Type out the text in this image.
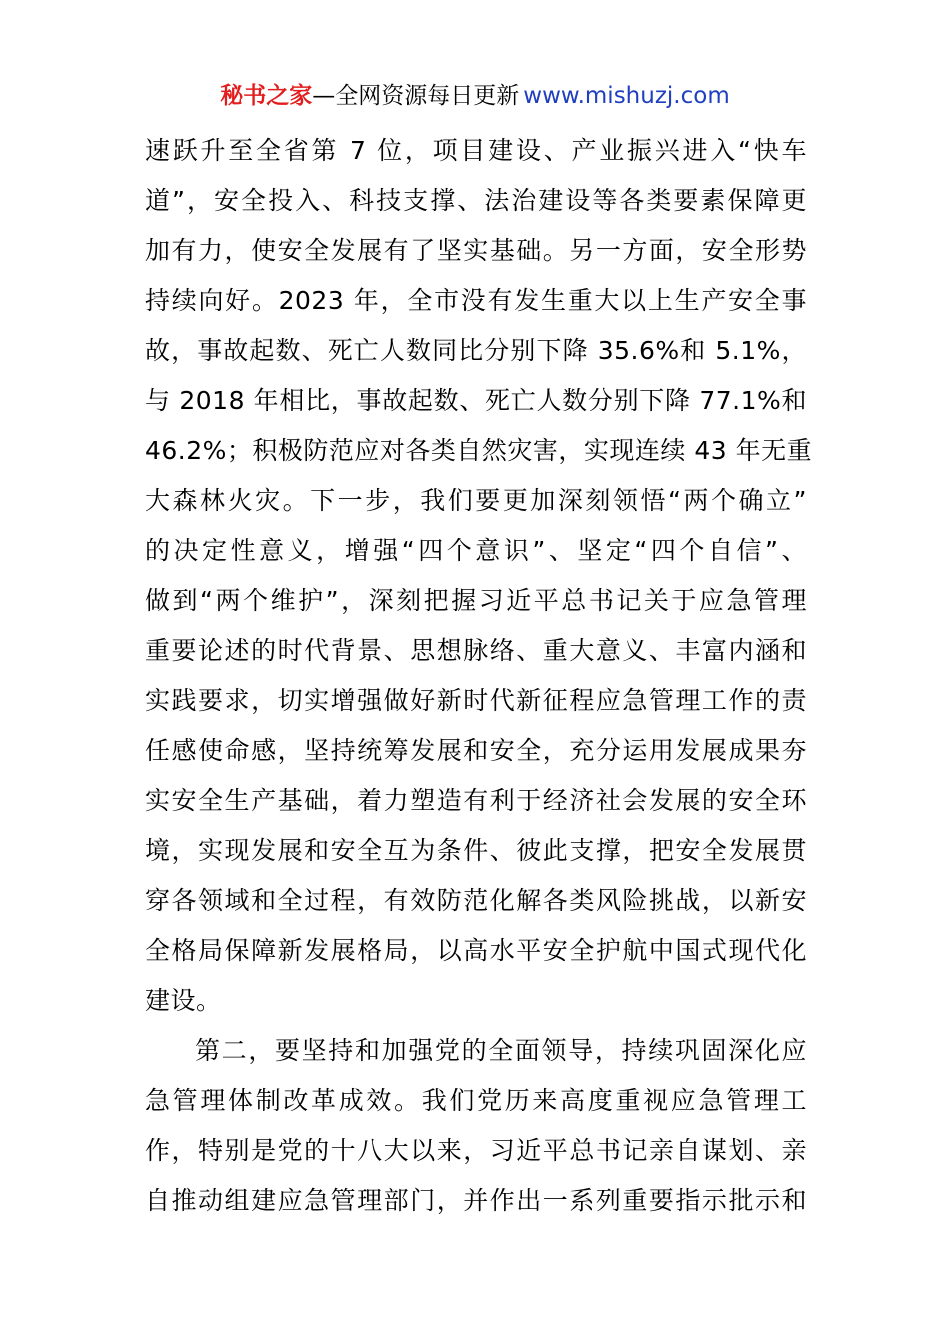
秘书之家—全网资源每日更新 www.mishuzj.com
速跃升至全省第 7 位，项目建设、产业振兴进入“快车
道”，安全投入、科技支撑、法治建设等各类要素保障更
加有力，使安全发展有了坚实基础。另一方面，安全形势
持续向好。2023 年，全市没有发生重大以上生产安全事
故，事故起数、死亡人数同比分别下降 35.6%和 5.1%，
与 2018 年相比，事故起数、死亡人数分别下降 77.1%和
46.2%；积极防范应对各类自然灾害，实现连续 43 年无重
大森林火灾。下一步，我们要更加深刻领悟“两个确立”
的决定性意义，增强“四个意识”、坚定“四个自信”、
做到“两个维护”，深刻把握习近平总书记关于应急管理
重要论述的时代背景、思想脉络、重大意义、丰富内涵和
实践要求，切实增强做好新时代新征程应急管理工作的责
任感使命感，坚持统筹发展和安全，充分运用发展成果夯
实安全生产基础，着力塑造有利于经济社会发展的安全环
境，实现发展和安全互为条件、彼此支撑，把安全发展贯
穿各领域和全过程，有效防范化解各类风险挑战，以新安
全格局保障新发展格局，以高水平安全护航中国式现代化
建设。
第二，要坚持和加强党的全面领导，持续巩固深化应
急管理体制改革成效。我们党历来高度重视应急管理工
作，特别是党的十八大以来，习近平总书记亲自谋划、亲
自推动组建应急管理部门，并作出一系列重要指示批示和
